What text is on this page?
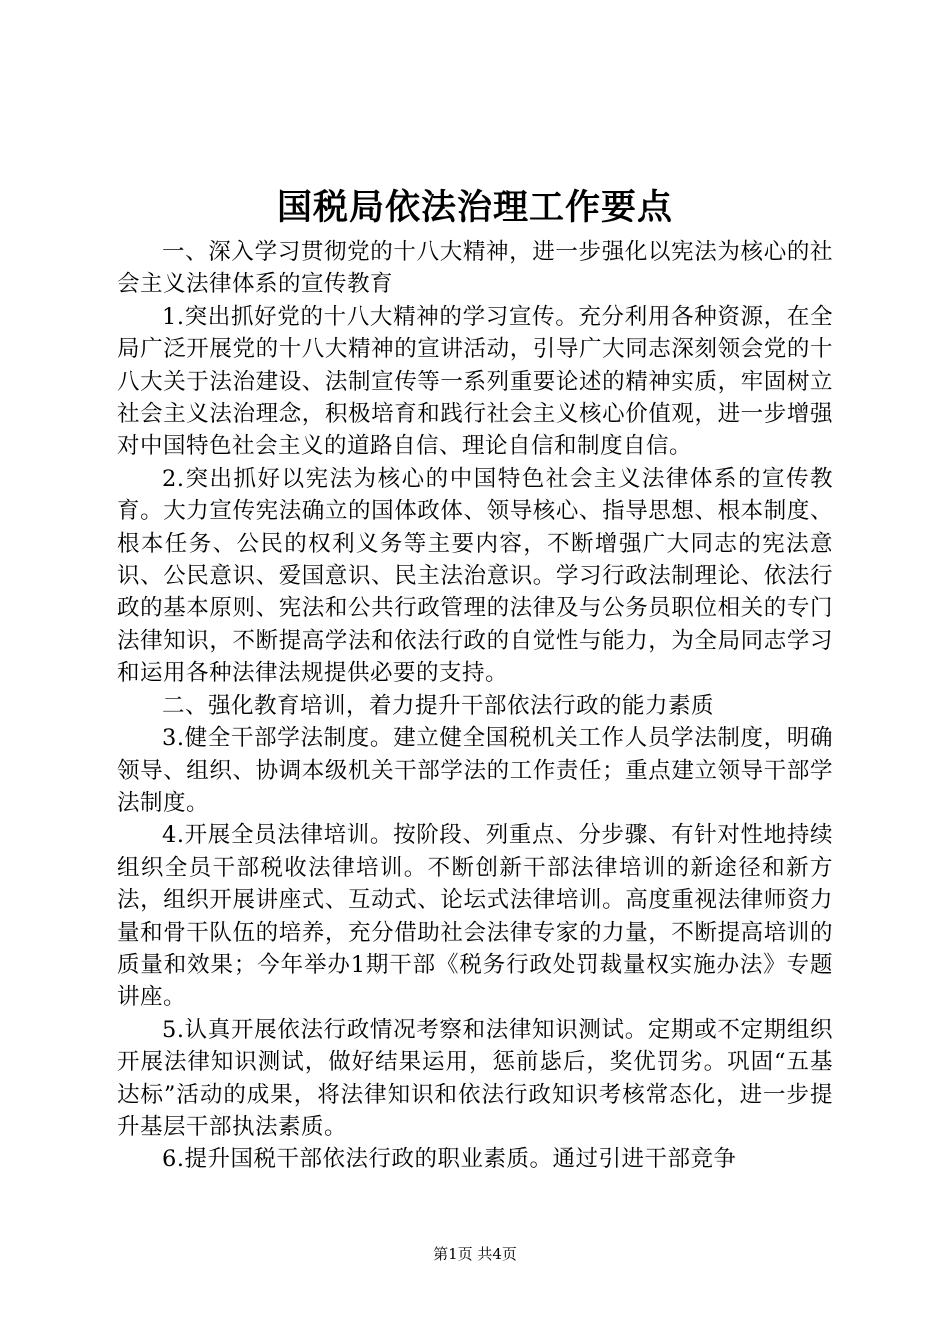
国税局依法治理工作要点

一、深入学习贯彻党的十八大精神，进一步强化以宪法为核心的社会主义法律体系的宣传教育

1.突出抓好党的十八大精神的学习宣传。充分利用各种资源，在全局广泛开展党的十八大精神的宣讲活动，引导广大同志深刻领会党的十八大关于法治建设、法制宣传等一系列重要论述的精神实质，牢固树立社会主义法治理念，积极培育和践行社会主义核心价值观，进一步增强对中国特色社会主义的道路自信、理论自信和制度自信。

2.突出抓好以宪法为核心的中国特色社会主义法律体系的宣传教育。大力宣传宪法确立的国体政体、领导核心、指导思想、根本制度、根本任务、公民的权利义务等主要内容，不断增强广大同志的宪法意识、公民意识、爱国意识、民主法治意识。学习行政法制理论、依法行政的基本原则、宪法和公共行政管理的法律及与公务员职位相关的专门法律知识，不断提高学法和依法行政的自觉性与能力，为全局同志学习和运用各种法律法规提供必要的支持。

二、强化教育培训，着力提升干部依法行政的能力素质

3.健全干部学法制度。建立健全国税机关工作人员学法制度，明确领导、组织、协调本级机关干部学法的工作责任；重点建立领导干部学法制度。

4.开展全员法律培训。按阶段、列重点、分步骤、有针对性地持续组织全员干部税收法律培训。不断创新干部法律培训的新途径和新方法，组织开展讲座式、互动式、论坛式法律培训。高度重视法律师资力量和骨干队伍的培养，充分借助社会法律专家的力量，不断提高培训的质量和效果；今年举办1期干部《税务行政处罚裁量权实施办法》专题讲座。

5.认真开展依法行政情况考察和法律知识测试。定期或不定期组织开展法律知识测试，做好结果运用，惩前毖后，奖优罚劣。巩固“五基达标”活动的成果，将法律知识和依法行政知识考核常态化，进一步提升基层干部执法素质。

6.提升国税干部依法行政的职业素质。通过引进干部竞争

第1页 共4页
